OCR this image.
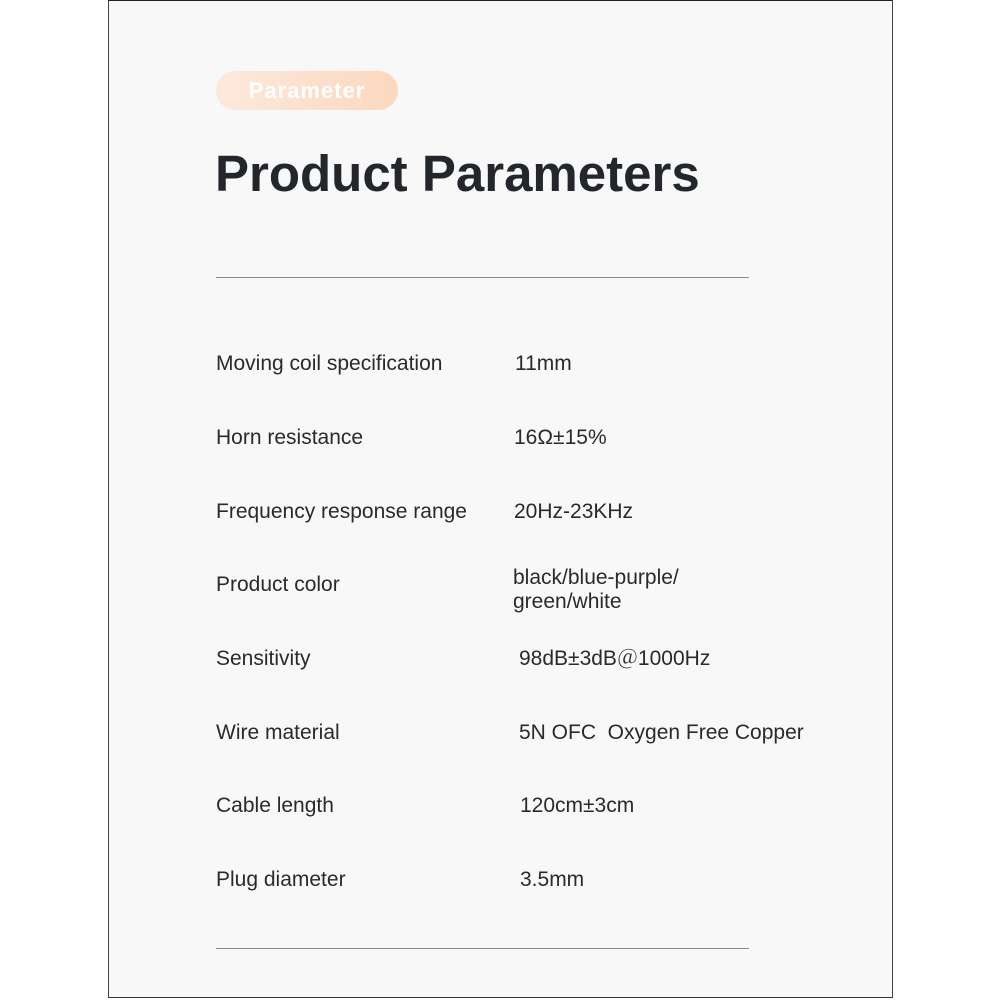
Parameter
Product Parameters
Moving coil specification	11mm
Horn resistance	16Ω±15%
Frequency response range 20Hz-23KHz
Product color	black/blue-purple/
green/white
Sensitivity	98dB±3dB＠1000Hz
Wire material	5N OFC  Oxygen Free Copper
Cable length	120cm±3cm
Plug diameter	3.5mm
